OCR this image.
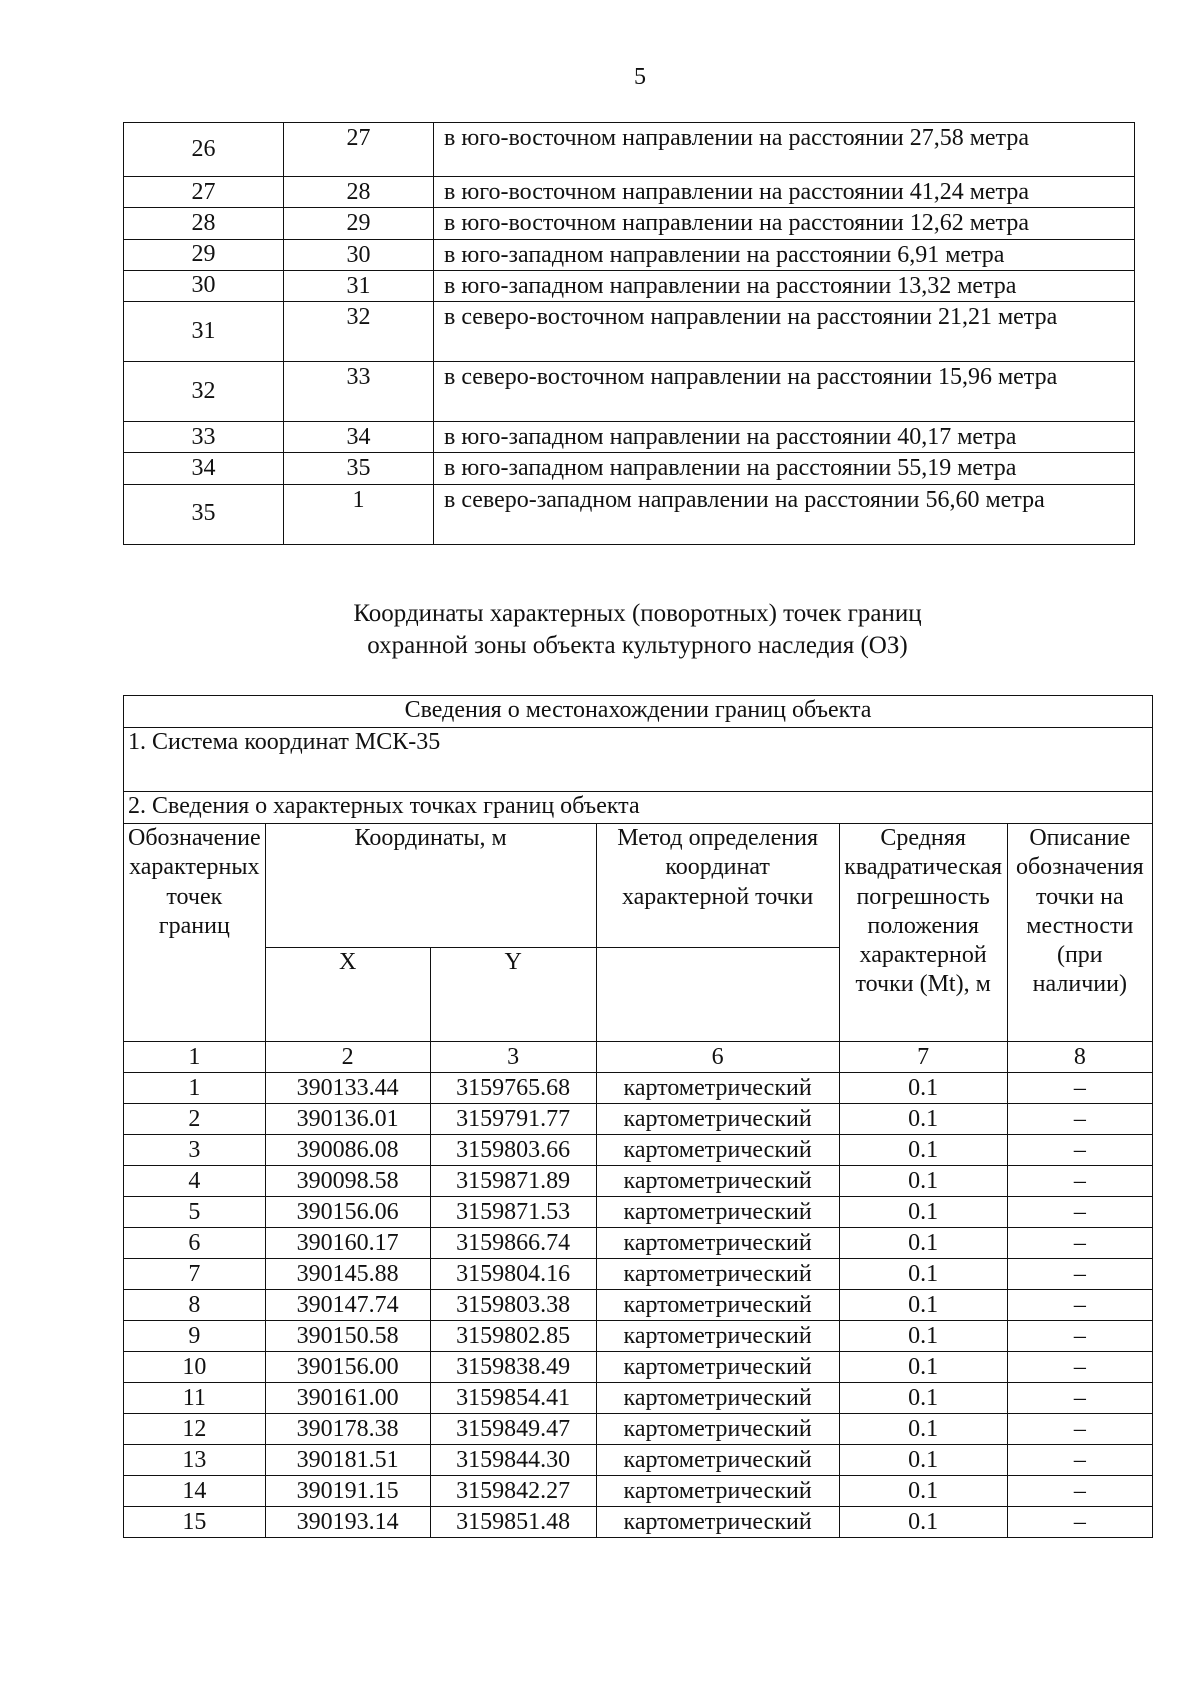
5
26	27	в юго-восточном направлении на расстоянии 27,58 метра
27	28	в юго-восточном направлении на расстоянии 41,24 метра
28	29	в юго-восточном направлении на расстоянии 12,62 метра
29	30	в юго-западном направлении на расстоянии 6,91 метра
30	31	в юго-западном направлении на расстоянии 13,32 метра
31	32	в северо-восточном направлении на расстоянии 21,21 метра
32	33	в северо-восточном направлении на расстоянии 15,96 метра
33	34	в юго-западном направлении на расстоянии 40,17 метра
34	35	в юго-западном направлении на расстоянии 55,19 метра
35	1	в северо-западном направлении на расстоянии 56,60 метра
Координаты характерных (поворотных) точек границ
охранной зоны объекта культурного наследия (ОЗ)
Сведения о местонахождении границ объекта					
1. Система координат МСК-35					
2. Сведения о характерных точках границ объекта					
Обозначение характерных точек границ	Координаты, м		Метод определения координат характерной точки	Средняя квадратическая погрешность положения характерной точки (Mt), м	Описание обозначения точки на местности (при наличии)
	X	Y			
1	2	3	6	7	8
1	390133.44	3159765.68	картометрический	0.1	–
2	390136.01	3159791.77	картометрический	0.1	–
3	390086.08	3159803.66	картометрический	0.1	–
4	390098.58	3159871.89	картометрический	0.1	–
5	390156.06	3159871.53	картометрический	0.1	–
6	390160.17	3159866.74	картометрический	0.1	–
7	390145.88	3159804.16	картометрический	0.1	–
8	390147.74	3159803.38	картометрический	0.1	–
9	390150.58	3159802.85	картометрический	0.1	–
10	390156.00	3159838.49	картометрический	0.1	–
11	390161.00	3159854.41	картометрический	0.1	–
12	390178.38	3159849.47	картометрический	0.1	–
13	390181.51	3159844.30	картометрический	0.1	–
14	390191.15	3159842.27	картометрический	0.1	–
15	390193.14	3159851.48	картометрический	0.1	–
